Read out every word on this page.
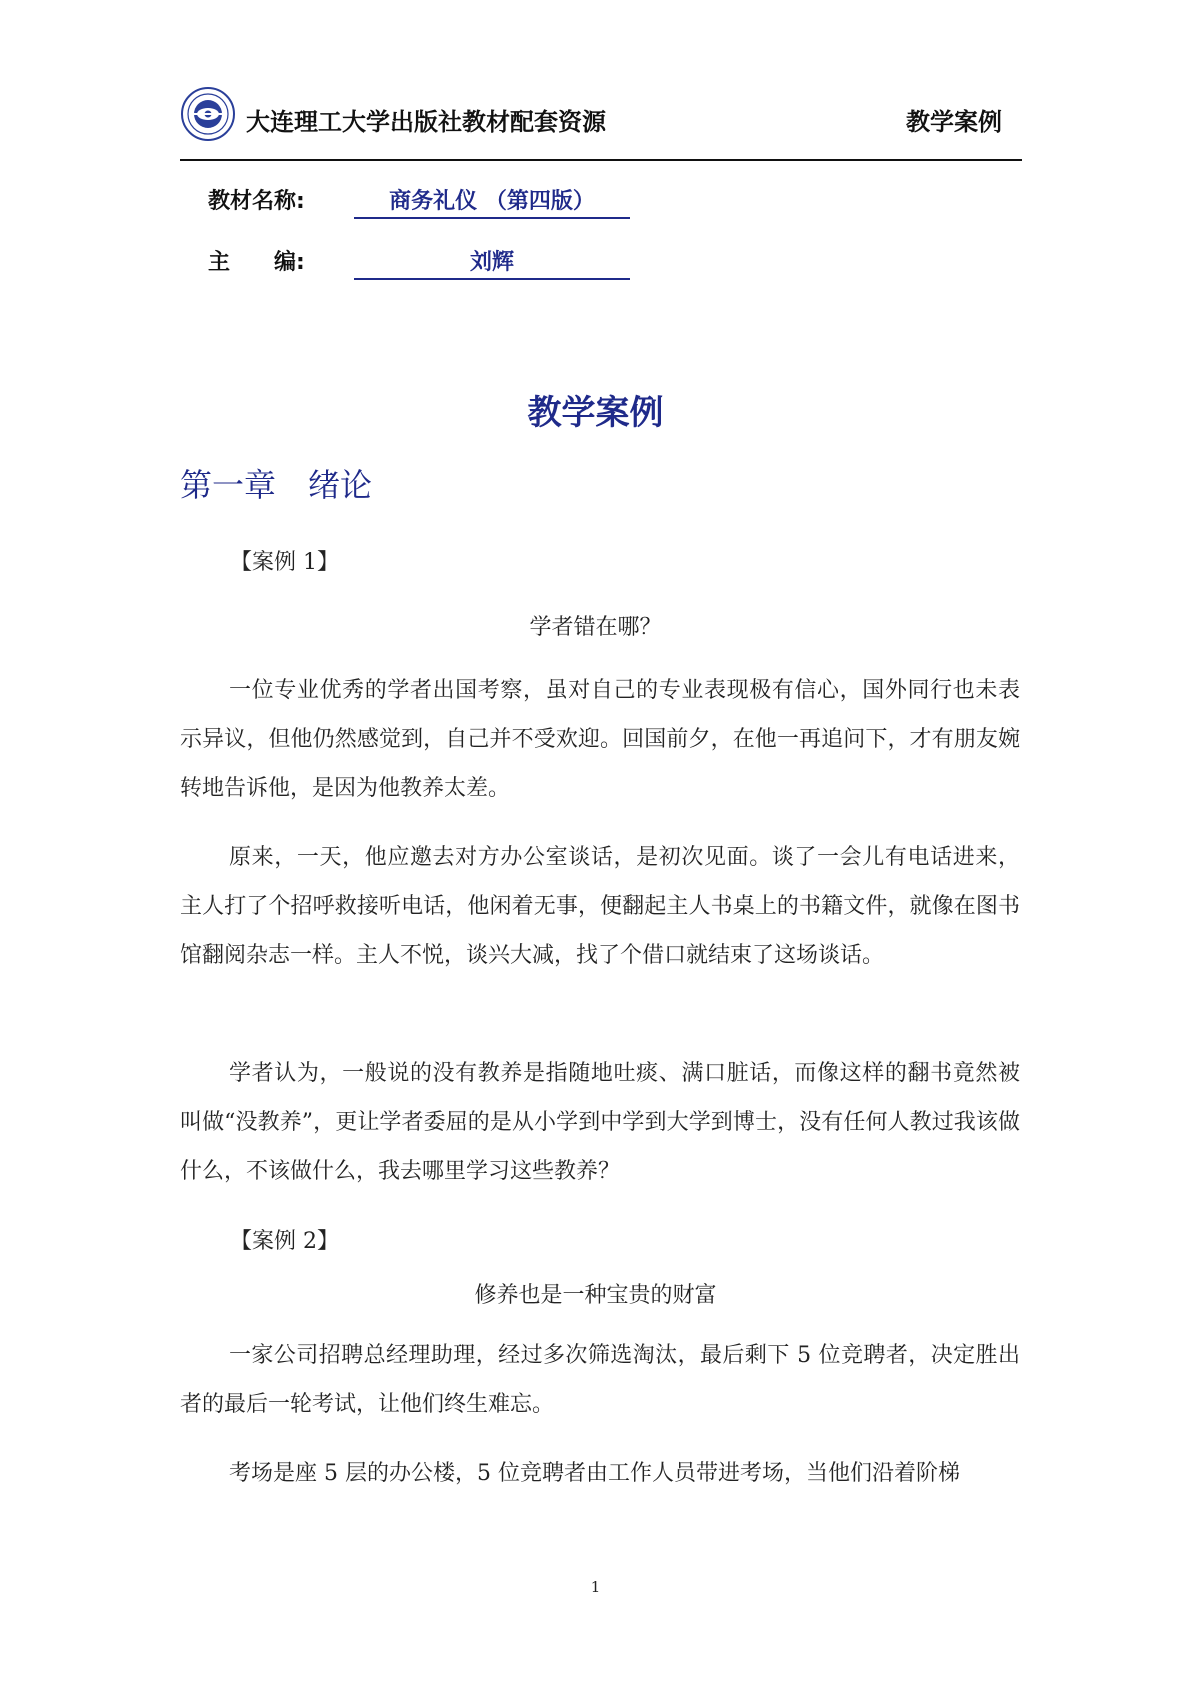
大连理工大学出版社教材配套资源	教学案例
教材名称:	商务礼仪 （第四版）
主　　编:	刘辉
教学案例
第一章　绪论
【案例 1】
学者错在哪？

一位专业优秀的学者出国考察，虽对自己的专业表现极有信心，国外同行也未表示异议，但他仍然感觉到，自己并不受欢迎。回国前夕，在他一再追问下，才有朋友婉转地告诉他，是因为他教养太差。

原来，一天，他应邀去对方办公室谈话，是初次见面。谈了一会儿有电话进来，主人打了个招呼救接听电话，他闲着无事，便翻起主人书桌上的书籍文件，就像在图书馆翻阅杂志一样。主人不悦，谈兴大减，找了个借口就结束了这场谈话。

学者认为，一般说的没有教养是指随地吐痰、满口脏话，而像这样的翻书竟然被叫做“没教养”，更让学者委屈的是从小学到中学到大学到博士，没有任何人教过我该做什么，不该做什么，我去哪里学习这些教养？

【案例 2】
修养也是一种宝贵的财富

一家公司招聘总经理助理，经过多次筛选淘汰，最后剩下 5 位竞聘者，决定胜出者的最后一轮考试，让他们终生难忘。

考场是座 5 层的办公楼，5 位竞聘者由工作人员带进考场，当他们沿着阶梯

1
